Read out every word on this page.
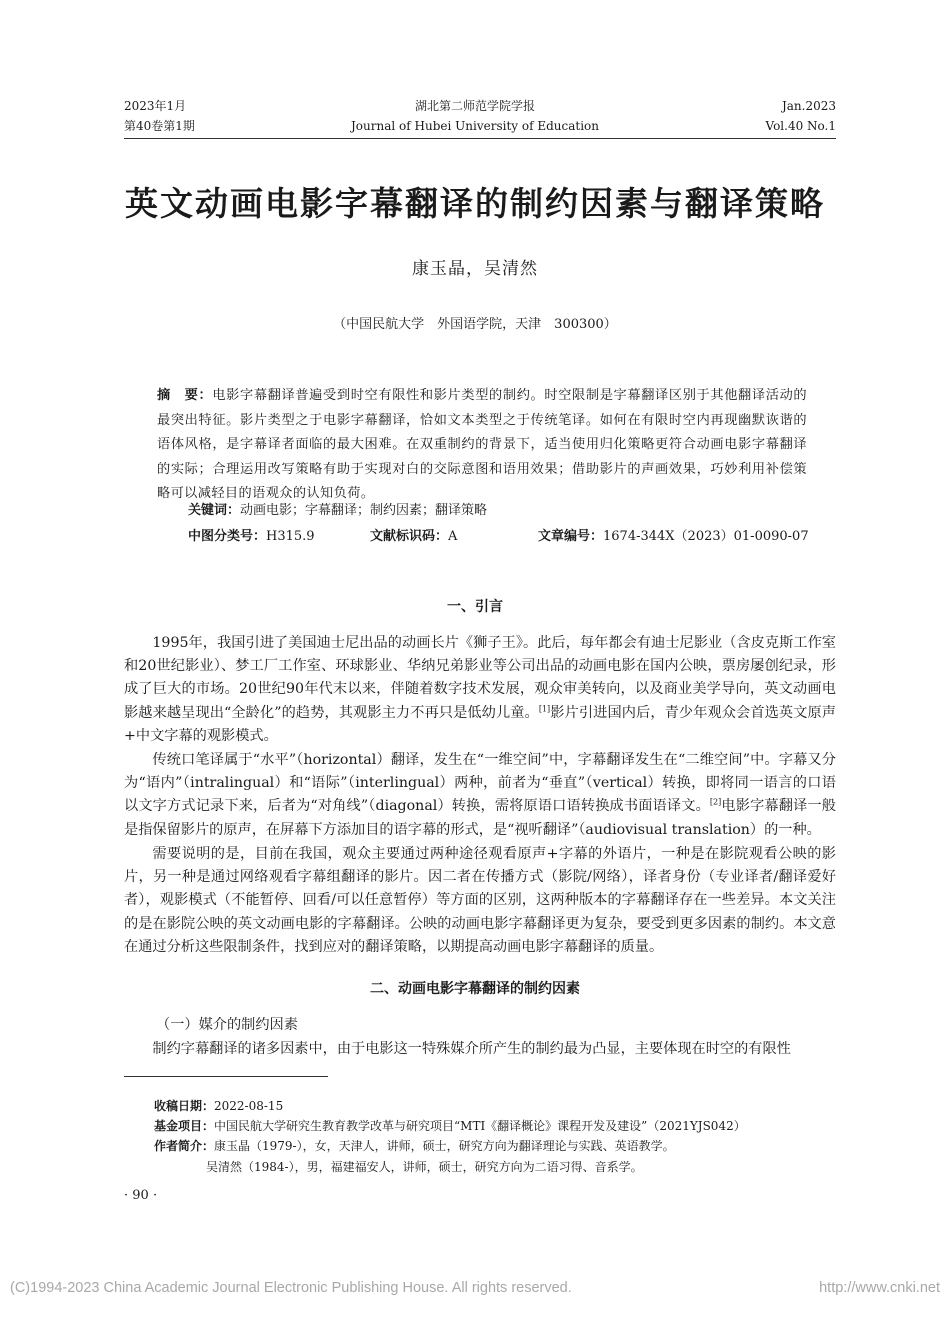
2023年1月
第40卷第1期
湖北第二师范学院学报
Journal of Hubei University of Education
Jan.2023
Vol.40 No.1
英文动画电影字幕翻译的制约因素与翻译策略
康玉晶，吴清然
（中国民航大学　外国语学院，天津　300300）
摘　要：电影字幕翻译普遍受到时空有限性和影片类型的制约。时空限制是字幕翻译区别于其他翻译活动的最突出特征。影片类型之于电影字幕翻译，恰如文本类型之于传统笔译。如何在有限时空内再现幽默诙谐的语体风格，是字幕译者面临的最大困难。在双重制约的背景下，适当使用归化策略更符合动画电影字幕翻译的实际；合理运用改写策略有助于实现对白的交际意图和语用效果；借助影片的声画效果，巧妙利用补偿策略可以减轻目的语观众的认知负荷。
关键词：动画电影；字幕翻译；制约因素；翻译策略
中图分类号：H315.9	文献标识码：A	文章编号：1674-344X（2023）01-0090-07
一、引言

1995年，我国引进了美国迪士尼出品的动画长片《狮子王》。此后，每年都会有迪士尼影业（含皮克斯工作室和20世纪影业）、梦工厂工作室、环球影业、华纳兄弟影业等公司出品的动画电影在国内公映，票房屡创纪录，形成了巨大的市场。20世纪90年代末以来，伴随着数字技术发展，观众审美转向，以及商业美学导向，英文动画电影越来越呈现出“全龄化”的趋势，其观影主力不再只是低幼儿童。[1]影片引进国内后，青少年观众会首选英文原声+中文字幕的观影模式。

传统口笔译属于“水平”（horizontal）翻译，发生在“一维空间”中，字幕翻译发生在“二维空间”中。字幕又分为“语内”（intralingual）和“语际”（interlingual）两种，前者为“垂直”（vertical）转换，即将同一语言的口语以文字方式记录下来，后者为“对角线”（diagonal）转换，需将原语口语转换成书面语译文。[2]电影字幕翻译一般是指保留影片的原声，在屏幕下方添加目的语字幕的形式，是“视听翻译”（audiovisual translation）的一种。

需要说明的是，目前在我国，观众主要通过两种途径观看原声+字幕的外语片，一种是在影院观看公映的影片，另一种是通过网络观看字幕组翻译的影片。因二者在传播方式（影院/网络），译者身份（专业译者/翻译爱好者），观影模式（不能暂停、回看/可以任意暂停）等方面的区别，这两种版本的字幕翻译存在一些差异。本文关注的是在影院公映的英文动画电影的字幕翻译。公映的动画电影字幕翻译更为复杂，要受到更多因素的制约。本文意在通过分析这些限制条件，找到应对的翻译策略，以期提高动画电影字幕翻译的质量。

二、动画电影字幕翻译的制约因素
（一）媒介的制约因素

制约字幕翻译的诸多因素中，由于电影这一特殊媒介所产生的制约最为凸显，主要体现在时空的有限性

收稿日期：2022-08-15
基金项目：中国民航大学研究生教育教学改革与研究项目“MTI《翻译概论》课程开发及建设”（2021YJS042）
作者简介：康玉晶（1979-），女，天津人，讲师，硕士，研究方向为翻译理论与实践、英语教学。
吴清然（1984-），男，福建福安人，讲师，硕士，研究方向为二语习得、音系学。
· 90 ·
(C)1994-2023 China Academic Journal Electronic Publishing House. All rights reserved.	http://www.cnki.net
